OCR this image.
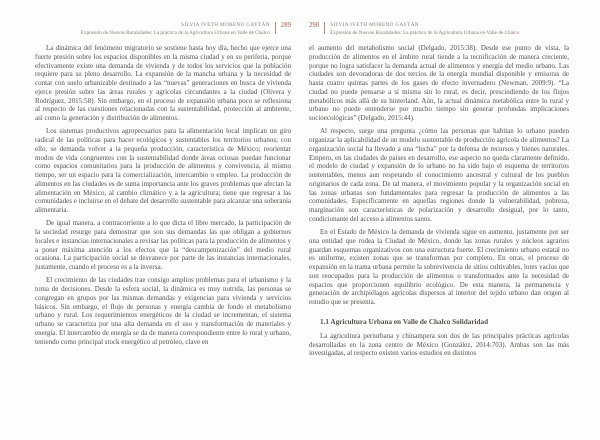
SILVIA IVETH MORENO GAYTÁN
Expresión de Nuevas Ruralidades: La práctica de la Agricultura Urbana en Valle de Chalco
289

La dinámica del fenómeno migratorio se sostiene hasta hoy día, hecho que ejerce una fuerte presión sobre los espacios disponibles en la misma ciudad y en su periferia, porque efectivamente existe una demanda de vivienda y de todos los servicios que la población requiere para su pleno desarrollo. La expansión de la mancha urbana y la necesidad de contar con suelo urbanizable destinado a las “nuevas” generaciones en busca de vivienda ejerce presión sobre las áreas rurales y agrícolas circundantes a la ciudad (Olivera y Rodríguez, 2015:58). Sin embargo, en el proceso de expansión urbana poco se reflexiona al respecto de las cuestiones relacionadas con la sustentabilidad, protección al ambiente, así como la generación y distribución de alimentos.

Los sistemas productivos agropecuarios para la alimentación local implican un giro radical de las políticas para hacer ecológicos y sustentables los territorios urbanos; con ello, se demanda volver a la pequeña producción, característica de México; reorientar modos de vida congruentes con la sustentabilidad donde áreas ociosas puedan funcionar como espacios comunitarios para la producción de alimentos y convivencia, al mismo tiempo, ser un espacio para la comercialización, intercambio o empleo. La producción de alimentos en las ciudades es de suma importancia ante los graves problemas que afectan la alimentación en México, al cambio climático y a la agricultura; tiene que regresar a las comunidades e incluirse en el debate del desarrollo sustentable para alcanzar una soberanía alimentaria.

De igual manera, a contracorriente a lo que dicta el libre mercado, la participación de la sociedad resurge para demostrar que son sus demandas las que obligan a gobiernos locales e instancias internacionales a revisar las políticas para la producción de alimentos y a poner máxima atención a los efectos que la “descampenización” del medio rural ocasiona. La participación social se desvanece por parte de las instancias internacionales, justamente, cuando el proceso es a la inversa.

El crecimiento de las ciudades trae consigo amplios problemas para el urbanismo y la toma de decisiones. Desde la esfera social, la dinámica es muy nutrida, las personas se congregan en grupos por las mismas demandas y exigencias para vivienda y servicios básicos. Sin embargo, el flujo de personas y energía cambia de fondo el metabolismo urbano y rural. Los requerimientos energéticos de la ciudad se incrementan, el sistema urbano se caracteriza por una alta demanda en el uso y transformación de materiales y energía. El intercambio de energía se da de manera correspondiente entre lo rural y urbano, teniendo como principal stock energético al petróleo, clave en

290 SILVIA IVETH MORENO GAYTÁN
Expresión de Nuevas Ruralidades: La práctica de la Agricultura Urbana en Valle de Chalco

el aumento del metabolismo social (Delgado, 2015:38). Desde ese punto de vista, la producción de alimentos en el ámbito rural tiende a la tecnificación de manera creciente, porque no logra satisfacer la demanda actual de alimentos y energía del medio urbano. Las ciudades son devoradoras de dos tercios de la energía mundial disponible y emisoras de hasta cuatro quintas partes de los gases de efecto invernadero (Newman, 2009:9). “La ciudad no puede pensarse a sí misma sin lo rural, es decir, prescindiendo de los flujos metabólicos más allá de su hinterland. Aún, la actual dinámica metabólica entre lo rural y urbano no puede entenderse por mucho tiempo sin generar profundas implicaciones socioecológicas” (Delgado, 2015:44).

Al respecto, surge una pregunta ¿cómo las personas que habitan lo urbano pueden organizar la aplicabilidad de un modelo sustentable de producción agrícola de alimentos? La organización social ha llevado a una “lucha” por la defensa de recursos y bienes naturales. Empero, en las ciudades de países en desarrollo, ese aspecto no queda claramente definido, el modelo de ciudad y expansión de lo urbano no ha sido bajo el esquema de territorios sustentables, menos aun respetando el conocimiento ancestral y cultural de los pueblos originarios de cada zona. De tal manera, el movimiento popular y la organización social en las zonas urbanas son fundamentales para regresar la producción de alimentos a las comunidades. Específicamente en aquellas regiones donde la vulnerabilidad, pobreza, marginación son características de polarización y desarrollo desigual, por lo tanto, condicionante del acceso a alimentos sanos.

En el Estado de México la demanda de vivienda sigue en aumento, justamente por ser una entidad que rodea la Ciudad de México, donde las zonas rurales y núcleos agrarios guardan esquemas organizativos con una estructura fuerte. El crecimiento urbano estatal no es uniforme, existen zonas que se transforman por completo. En otras, el proceso de expansión en la trama urbana permite la sobrevivencia de sitios cultivables, lotes vacíos que son reocupados para la producción de alimentos o transformados ante la necesidad de espacios que proporcionen equilibrio ecológico. De esta manera, la permanencia y generación de archipiélagos agrícolas dispersos al interior del tejido urbano dan origen al estudio que se presenta.

1.1 Agricultura Urbana en Valle de Chalco Solidaridad

La agricultura periurbana y chinampera son dos de las principales prácticas agrícolas desarrolladas en la zona centro de México (González, 2014:703). Ambas son las más investigadas, al respecto existen varios estudios en distintos
